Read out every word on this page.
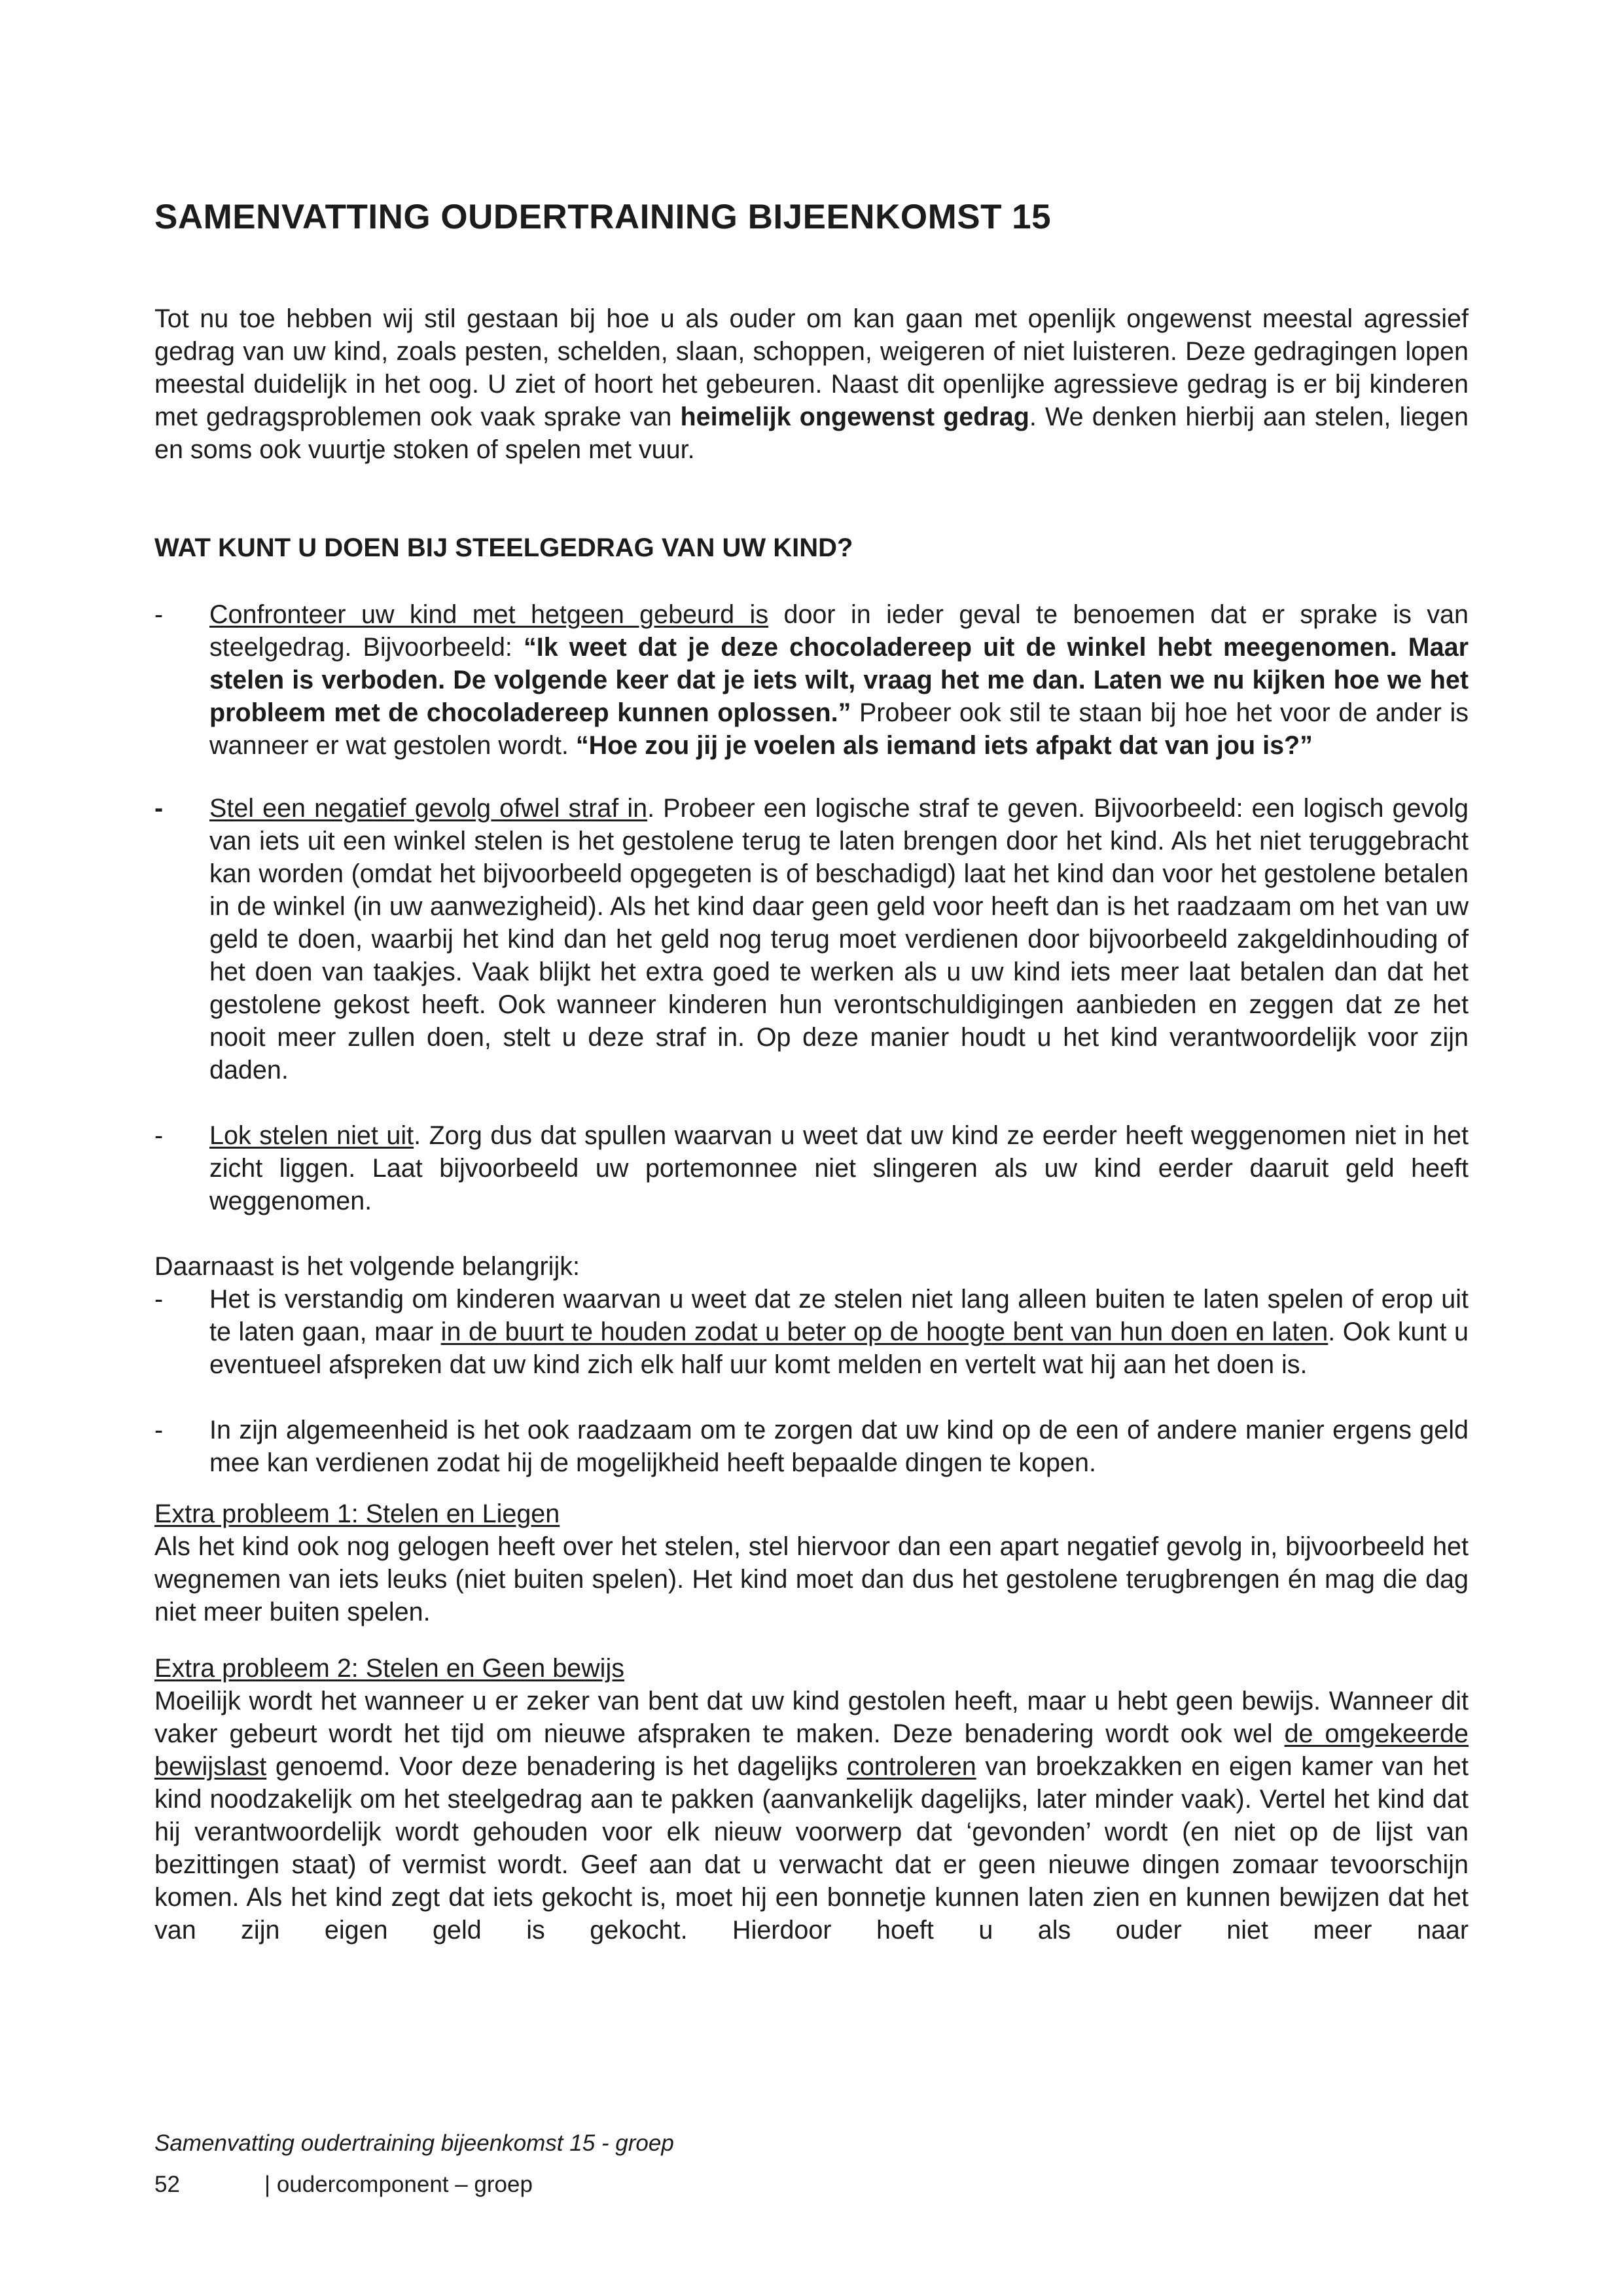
SAMENVATTING OUDERTRAINING BIJEENKOMST 15

Tot nu toe hebben wij stil gestaan bij hoe u als ouder om kan gaan met openlijk ongewenst meestal agressief gedrag van uw kind, zoals pesten, schelden, slaan, schoppen, weigeren of niet luisteren. Deze gedragingen lopen meestal duidelijk in het oog. U ziet of hoort het gebeuren. Naast dit openlijke agressieve gedrag is er bij kinderen met gedragsproblemen ook vaak sprake van heimelijk ongewenst gedrag. We denken hierbij aan stelen, liegen en soms ook vuurtje stoken of spelen met vuur.

WAT KUNT U DOEN BIJ STEELGEDRAG VAN UW KIND?
- Confronteer uw kind met hetgeen gebeurd is door in ieder geval te benoemen dat er sprake is van steelgedrag. Bijvoorbeeld: “Ik weet dat je deze chocoladereep uit de winkel hebt meegenomen. Maar stelen is verboden. De volgende keer dat je iets wilt, vraag het me dan. Laten we nu kijken hoe we het probleem met de chocoladereep kunnen oplossen.” Probeer ook stil te staan bij hoe het voor de ander is wanneer er wat gestolen wordt. “Hoe zou jij je voelen als iemand iets afpakt dat van jou is?”
- Stel een negatief gevolg ofwel straf in. Probeer een logische straf te geven. Bijvoorbeeld: een logisch gevolg van iets uit een winkel stelen is het gestolene terug te laten brengen door het kind. Als het niet teruggebracht kan worden (omdat het bijvoorbeeld opgegeten is of beschadigd) laat het kind dan voor het gestolene betalen in de winkel (in uw aanwezigheid). Als het kind daar geen geld voor heeft dan is het raadzaam om het van uw geld te doen, waarbij het kind dan het geld nog terug moet verdienen door bijvoorbeeld zakgeldinhouding of het doen van taakjes. Vaak blijkt het extra goed te werken als u uw kind iets meer laat betalen dan dat het gestolene gekost heeft. Ook wanneer kinderen hun verontschuldigingen aanbieden en zeggen dat ze het nooit meer zullen doen, stelt u deze straf in. Op deze manier houdt u het kind verantwoordelijk voor zijn daden.
- Lok stelen niet uit. Zorg dus dat spullen waarvan u weet dat uw kind ze eerder heeft weggenomen niet in het zicht liggen. Laat bijvoorbeeld uw portemonnee niet slingeren als uw kind eerder daaruit geld heeft weggenomen.
Daarnaast is het volgende belangrijk:
- Het is verstandig om kinderen waarvan u weet dat ze stelen niet lang alleen buiten te laten spelen of erop uit te laten gaan, maar in de buurt te houden zodat u beter op de hoogte bent van hun doen en laten. Ook kunt u eventueel afspreken dat uw kind zich elk half uur komt melden en vertelt wat hij aan het doen is.
- In zijn algemeenheid is het ook raadzaam om te zorgen dat uw kind op de een of andere manier ergens geld mee kan verdienen zodat hij de mogelijkheid heeft bepaalde dingen te kopen.
Extra probleem 1: Stelen en Liegen
Als het kind ook nog gelogen heeft over het stelen, stel hiervoor dan een apart negatief gevolg in, bijvoorbeeld het wegnemen van iets leuks (niet buiten spelen). Het kind moet dan dus het gestolene terugbrengen én mag die dag niet meer buiten spelen.
Extra probleem 2: Stelen en Geen bewijs
Moeilijk wordt het wanneer u er zeker van bent dat uw kind gestolen heeft, maar u hebt geen bewijs. Wanneer dit vaker gebeurt wordt het tijd om nieuwe afspraken te maken. Deze benadering wordt ook wel de omgekeerde bewijslast genoemd. Voor deze benadering is het dagelijks controleren van broekzakken en eigen kamer van het kind noodzakelijk om het steelgedrag aan te pakken (aanvankelijk dagelijks, later minder vaak). Vertel het kind dat hij verantwoordelijk wordt gehouden voor elk nieuw voorwerp dat ‘gevonden’ wordt (en niet op de lijst van bezittingen staat) of vermist wordt. Geef aan dat u verwacht dat er geen nieuwe dingen zomaar tevoorschijn komen. Als het kind zegt dat iets gekocht is, moet hij een bonnetje kunnen laten zien en kunnen bewijzen dat het van zijn eigen geld is gekocht. Hierdoor hoeft u als ouder niet meer naar
Samenvatting oudertraining bijeenkomst 15 - groep
52	| oudercomponent – groep
